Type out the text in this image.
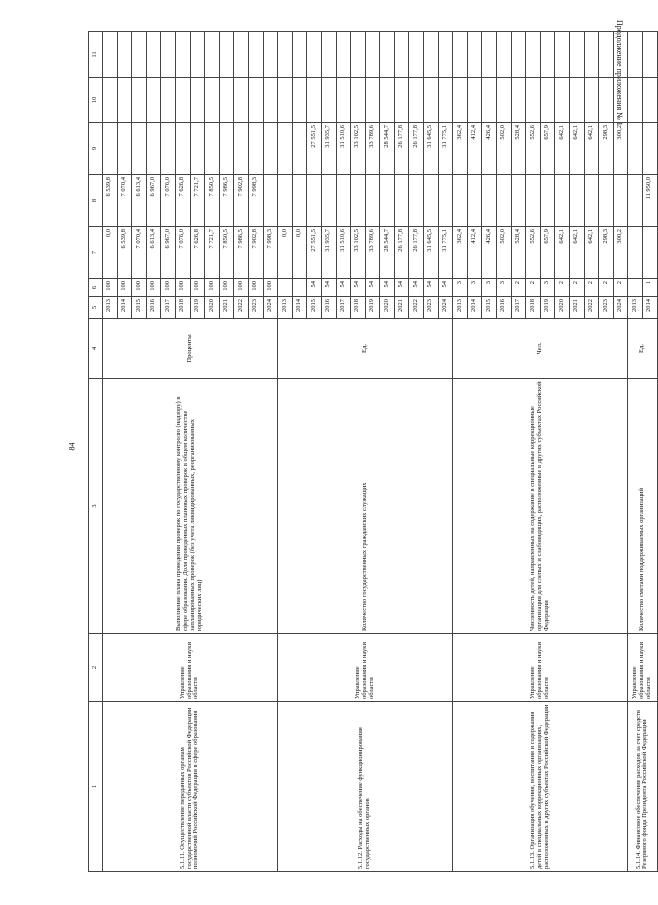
Продолжение приложения № 1
84
1	2	3	4	5	6	7	8	9	10	11
5.1.11. Осуществление переданных органам государственной власти субъектов Российской Федерации полномочий Российской Федерации в сфере образования	Управление образования и науки области	Выполнение плана проведения проверок по государственному контролю (надзору) в сфере образования. Доля проведенных плановых проверок в общем количестве запланированных проверок (без учета ликвидированных, реорганизованных юридических лиц)	Проценты	2013	100	0,0	6 539,8			
				2014	100	6 539,8	7 070,4			
				2015	100	7 070,4	6 613,4			
				2016	100	6 613,4	6 967,0			
				2017	100	6 967,0	7 076,0			
				2018	100	7 076,0	7 626,8			
				2019	100	7 626,8	7 721,7			
				2020	100	7 721,7	7 850,5			
				2021	100	7 850,5	7 986,5			
				2022	100	7 986,5	7 902,8			
				2023	100	7 902,8	7 998,3			
				2024	100	7 998,3				
5.1.12. Расходы на обеспечение функционирования государственных органов	Управление образования и науки области	Количество государственных гражданских служащих	Ед.	2013		0,0				
				2014		0,0				
				2015	54	27 551,5		27 551,5		
				2016	54	31 935,7		31 935,7		
				2017	54	31 510,6		31 510,6		
				2018	54	33 102,5		33 102,5		
				2019	54	33 789,6		33 789,6		
				2020	54	28 544,7		28 544,7		
				2021	54	26 177,8		26 177,8		
				2022	54	26 177,8		26 177,8		
				2023	54	31 645,5		31 645,5		
				2024	54	31 775,1		31 775,1		
5.1.13. Организация обучения, воспитания и содержания детей в специальных коррекционных организациях, расположенных в других субъектах Российской Федерации	Управление образования и науки области	Численность детей, направленных на содержание в специальные коррекционные организации для слепых и слабовидящих, расположенные в других субъектах Российской Федерации	Чел.	2013	3	362,4		362,4		
				2014	3	412,4		412,4		
				2015	3	426,4		426,4		
				2016	3	502,0		502,0		
				2017	2	528,4		528,4		
				2018	2	552,6		552,6		
				2019	3	657,9		657,9		
				2020	2	642,1		642,1		
				2021	2	642,1		642,1		
				2022	2	642,1		642,1		
				2023	2	298,3		298,3		
				2024	2	300,2		300,2		
5.1.14. Финансовое обеспечение расходов за счет средств Резервного фонда Президента Российской Федерации	Управление образования и науки области	Количество сметами поддерживаемых организаций	Ед.	2013						
				2014	1		11 950,0			
